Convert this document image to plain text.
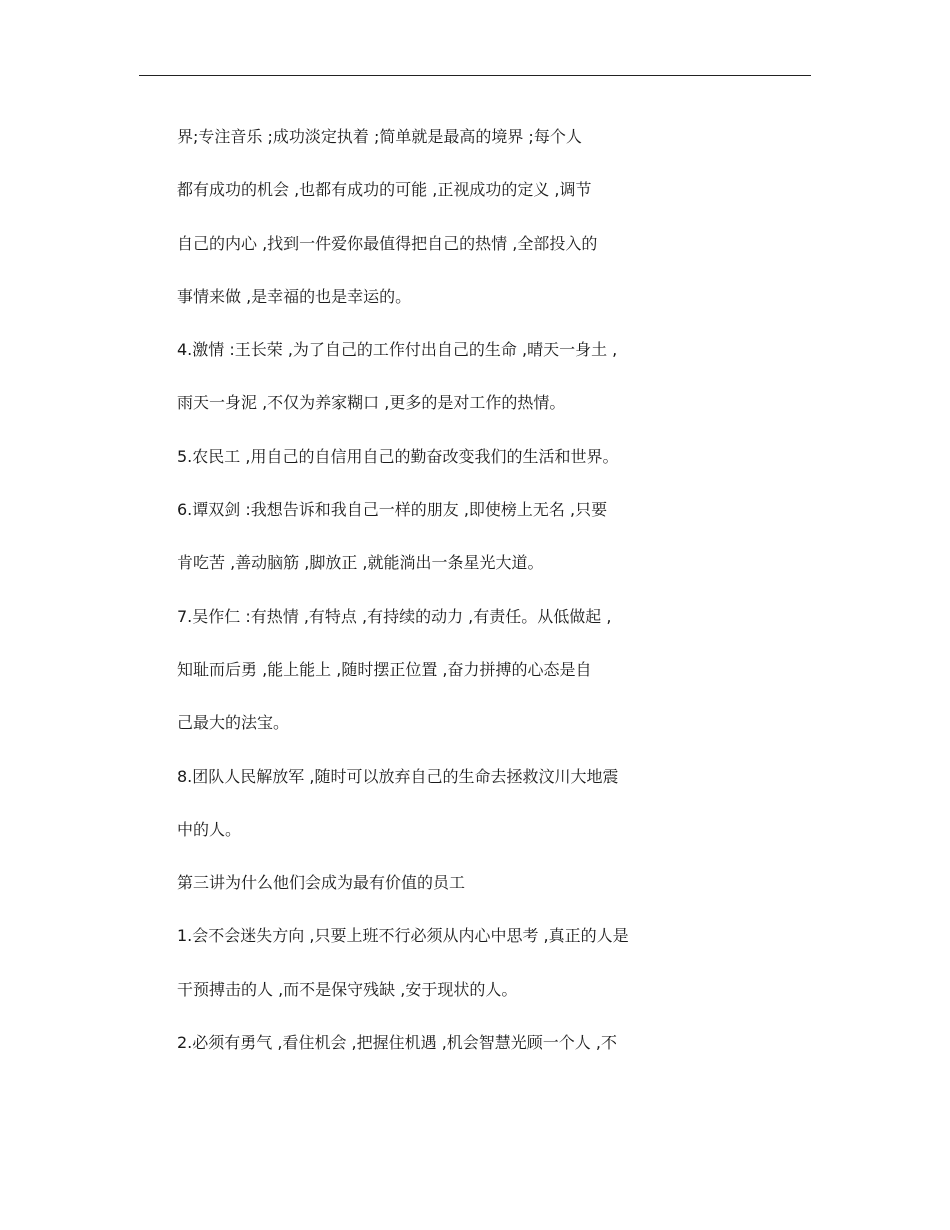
界;专注音乐 ;成功淡定执着 ;简单就是最高的境界 ;每个人
都有成功的机会 ,也都有成功的可能 ,正视成功的定义 ,调节
自己的内心 ,找到一件爱你最值得把自己的热情 ,全部投入的
事情来做 ,是幸福的也是幸运的。
4.激情 :王长荣 ,为了自己的工作付出自己的生命 ,晴天一身土 ,
雨天一身泥 ,不仅为养家糊口 ,更多的是对工作的热情。
5.农民工 ,用自己的自信用自己的勤奋改变我们的生活和世界。
6.谭双剑 :我想告诉和我自己一样的朋友 ,即使榜上无名 ,只要
肯吃苦 ,善动脑筋 ,脚放正 ,就能淌出一条星光大道。
7.吴作仁 :有热情 ,有特点 ,有持续的动力 ,有责任。从低做起 ,
知耻而后勇 ,能上能上 ,随时摆正位置 ,奋力拼搏的心态是自
己最大的法宝。
8.团队人民解放军 ,随时可以放弃自己的生命去拯救汶川大地震
中的人。
第三讲为什么他们会成为最有价值的员工
1.会不会迷失方向 ,只要上班不行必须从内心中思考 ,真正的人是
干预搏击的人 ,而不是保守残缺 ,安于现状的人。
2.必须有勇气 ,看住机会 ,把握住机遇 ,机会智慧光顾一个人 ,不
